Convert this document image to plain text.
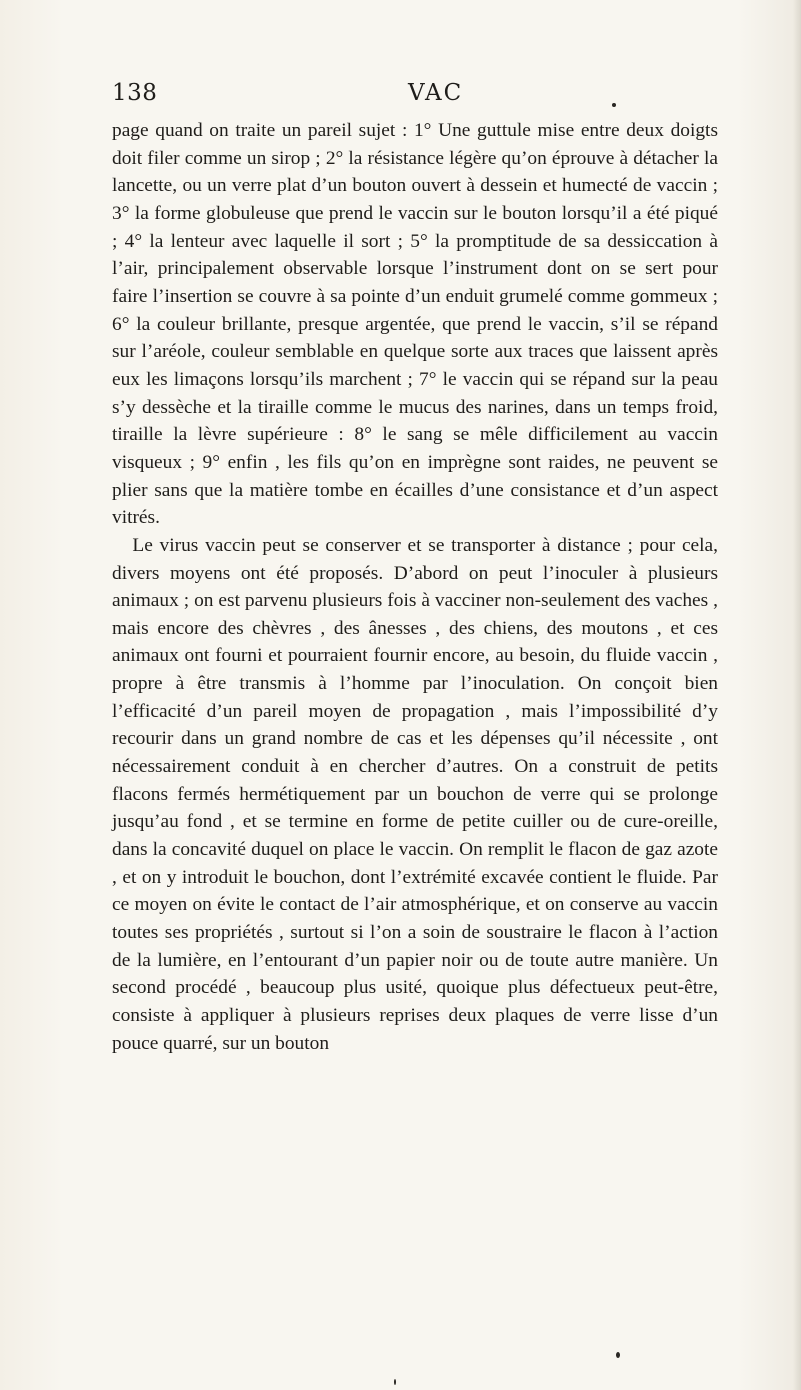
138	VAC

page quand on traite un pareil sujet : 1° Une guttule mise entre deux doigts doit filer comme un sirop ; 2° la résistance légère qu’on éprouve à détacher la lancette, ou un verre plat d’un bouton ouvert à dessein et humecté de vaccin ; 3° la forme globuleuse que prend le vaccin sur le bouton lorsqu’il a été piqué ; 4° la lenteur avec laquelle il sort ; 5° la promptitude de sa dessiccation à l’air, principalement observable lorsque l’instrument dont on se sert pour faire l’insertion se couvre à sa pointe d’un enduit grumelé comme gommeux ; 6° la couleur brillante, presque argentée, que prend le vaccin, s’il se répand sur l’aréole, couleur semblable en quelque sorte aux traces que laissent après eux les limaçons lorsqu’ils marchent ; 7° le vaccin qui se répand sur la peau s’y dessèche et la tiraille comme le mucus des narines, dans un temps froid, tiraille la lèvre supérieure : 8° le sang se mêle difficilement au vaccin visqueux ; 9° enfin , les fils qu’on en imprègne sont raides, ne peuvent se plier sans que la matière tombe en écailles d’une consistance et d’un aspect vitrés.

Le virus vaccin peut se conserver et se transporter à distance ; pour cela, divers moyens ont été proposés. D’abord on peut l’inoculer à plusieurs animaux ; on est parvenu plusieurs fois à vacciner non-seulement des vaches , mais encore des chèvres , des ânesses , des chiens, des moutons , et ces animaux ont fourni et pourraient fournir encore, au besoin, du fluide vaccin , propre à être transmis à l’homme par l’inoculation. On conçoit bien l’efficacité d’un pareil moyen de propagation , mais l’impossibilité d’y recourir dans un grand nombre de cas et les dépenses qu’il nécessite , ont nécessairement conduit à en chercher d’autres. On a construit de petits flacons fermés hermétiquement par un bouchon de verre qui se prolonge jusqu’au fond , et se termine en forme de petite cuiller ou de cure-oreille, dans la concavité duquel on place le vaccin. On remplit le flacon de gaz azote , et on y introduit le bouchon, dont l’extrémité excavée contient le fluide. Par ce moyen on évite le contact de l’air atmosphérique, et on conserve au vaccin toutes ses propriétés , surtout si l’on a soin de soustraire le flacon à l’action de la lumière, en l’entourant d’un papier noir ou de toute autre manière. Un second procédé , beaucoup plus usité, quoique plus défectueux peut-être, consiste à appliquer à plusieurs reprises deux plaques de verre lisse d’un pouce quarré, sur un bouton
